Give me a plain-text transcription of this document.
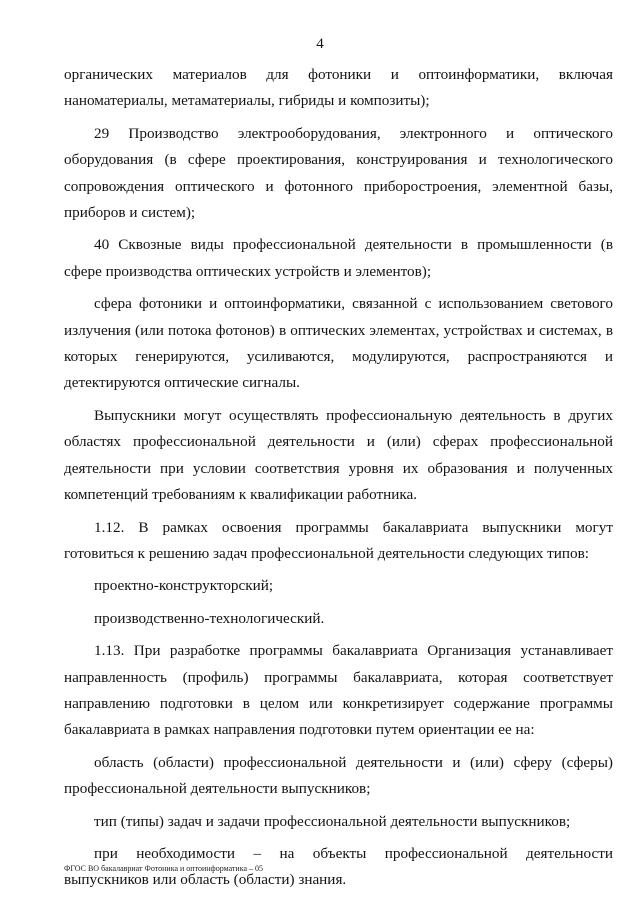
4

органических материалов для фотоники и оптоинформатики, включая наноматериалы, метаматериалы, гибриды и композиты);

29 Производство электрооборудования, электронного и оптического оборудования (в сфере проектирования, конструирования и технологического сопровождения оптического и фотонного приборостроения, элементной базы, приборов и систем);

40 Сквозные виды профессиональной деятельности в промышленности (в сфере производства оптических устройств и элементов);

сфера фотоники и оптоинформатики, связанной с использованием светового излучения (или потока фотонов) в оптических элементах, устройствах и системах, в которых генерируются, усиливаются, модулируются, распространяются и детектируются оптические сигналы.

Выпускники могут осуществлять профессиональную деятельность в других областях профессиональной деятельности и (или) сферах профессиональной деятельности при условии соответствия уровня их образования и полученных компетенций требованиям к квалификации работника.

1.12. В рамках освоения программы бакалавриата выпускники могут готовиться к решению задач профессиональной деятельности следующих типов:

проектно-конструкторский;

производственно-технологический.

1.13. При разработке программы бакалавриата Организация устанавливает направленность (профиль) программы бакалавриата, которая соответствует направлению подготовки в целом или конкретизирует содержание программы бакалавриата в рамках направления подготовки путем ориентации ее на:

область (области) профессиональной деятельности и (или) сферу (сферы) профессиональной деятельности выпускников;

тип (типы) задач и задачи профессиональной деятельности выпускников;

при необходимости – на объекты профессиональной деятельности выпускников или область (области) знания.

ФГОС ВО бакалавриат Фотоника и оптоинформатика – 05
